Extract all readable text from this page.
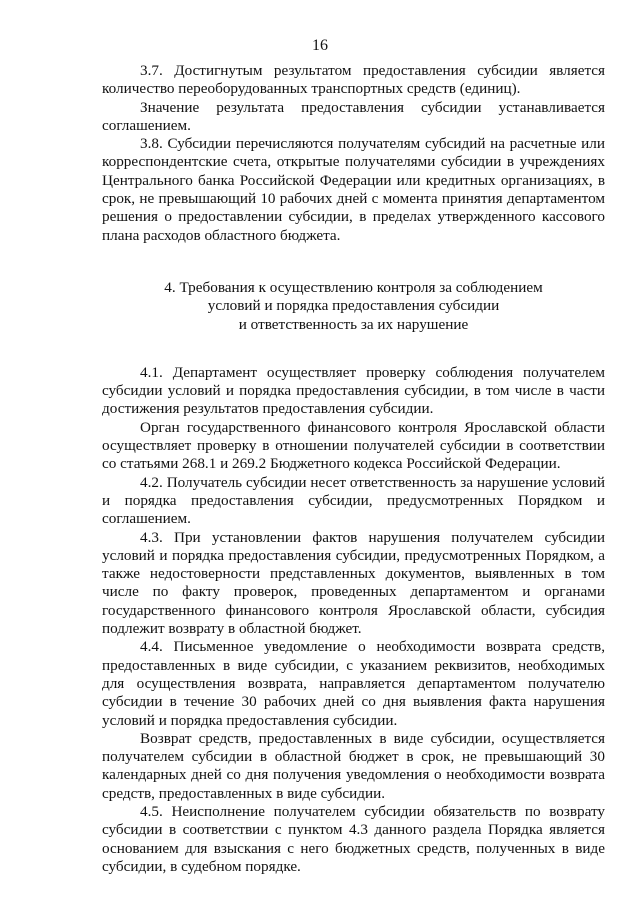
16

3.7. Достигнутым результатом предоставления субсидии является количество переоборудованных транспортных средств (единиц).

Значение результата предоставления субсидии устанавливается соглашением.

3.8. Субсидии перечисляются получателям субсидий на расчетные или корреспондентские счета, открытые получателями субсидии в учреждениях Центрального банка Российской Федерации или кредитных организациях, в срок, не превышающий 10 рабочих дней с момента принятия департаментом решения о предоставлении субсидии, в пределах утвержденного кассового плана расходов областного бюджета.

4. Требования к осуществлению контроля за соблюдением
условий и порядка предоставления субсидии
и ответственность за их нарушение

4.1. Департамент осуществляет проверку соблюдения получателем субсидии условий и порядка предоставления субсидии, в том числе в части достижения результатов предоставления субсидии.

Орган государственного финансового контроля Ярославской области осуществляет проверку в отношении получателей субсидии в соответствии со статьями 268.1 и 269.2 Бюджетного кодекса Российской Федерации.

4.2. Получатель субсидии несет ответственность за нарушение условий и порядка предоставления субсидии, предусмотренных Порядком и соглашением.

4.3. При установлении фактов нарушения получателем субсидии условий и порядка предоставления субсидии, предусмотренных Порядком, а также недостоверности представленных документов, выявленных в том числе по факту проверок, проведенных департаментом и органами государственного финансового контроля Ярославской области, субсидия подлежит возврату в областной бюджет.

4.4. Письменное уведомление о необходимости возврата средств, предоставленных в виде субсидии, с указанием реквизитов, необходимых для осуществления возврата, направляется департаментом получателю субсидии в течение 30 рабочих дней со дня выявления факта нарушения условий и порядка предоставления субсидии.

Возврат средств, предоставленных в виде субсидии, осуществляется получателем субсидии в областной бюджет в срок, не превышающий 30 календарных дней со дня получения уведомления о необходимости возврата средств, предоставленных в виде субсидии.

4.5. Неисполнение получателем субсидии обязательств по возврату субсидии в соответствии с пунктом 4.3 данного раздела Порядка является основанием для взыскания с него бюджетных средств, полученных в виде субсидии, в судебном порядке.
